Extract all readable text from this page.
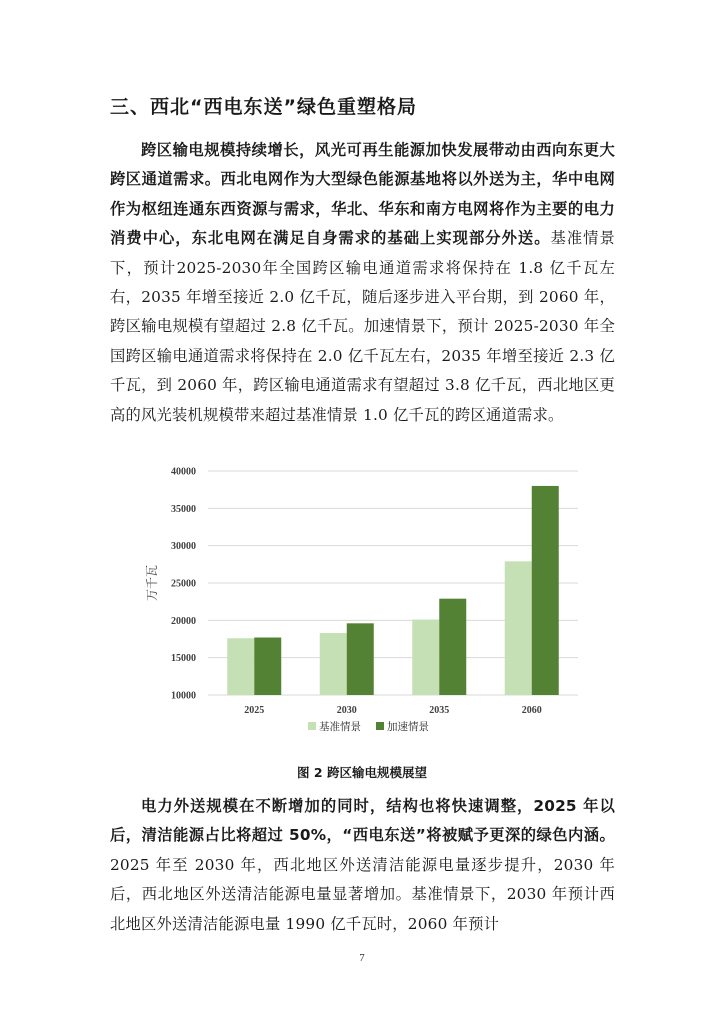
三、西北“西电东送”绿色重塑格局

跨区输电规模持续增长，风光可再生能源加快发展带动由西向东更大跨区通道需求。西北电网作为大型绿色能源基地将以外送为主，华中电网作为枢纽连通东西资源与需求，华北、华东和南方电网将作为主要的电力消费中心，东北电网在满足自身需求的基础上实现部分外送。基准情景下，预计2025-2030年全国跨区输电通道需求将保持在 1.8 亿千瓦左右，2035 年增至接近 2.0 亿千瓦，随后逐步进入平台期，到 2060 年，跨区输电规模有望超过 2.8 亿千瓦。加速情景下，预计 2025-2030 年全国跨区输电通道需求将保持在 2.0 亿千瓦左右，2035 年增至接近 2.3 亿千瓦，到 2060 年，跨区输电通道需求有望超过 3.8 亿千瓦，西北地区更高的风光装机规模带来超过基准情景 1.0 亿千瓦的跨区通道需求。

10000
15000
20000
25000
30000
35000
40000
万千瓦
2025	2030	2035	2060
基准情景 加速情景
图 2 跨区输电规模展望

电力外送规模在不断增加的同时，结构也将快速调整，2025 年以后，清洁能源占比将超过 50%，“西电东送”将被赋予更深的绿色内涵。2025 年至 2030 年，西北地区外送清洁能源电量逐步提升，2030 年后，西北地区外送清洁能源电量显著增加。基准情景下，2030 年预计西北地区外送清洁能源电量 1990 亿千瓦时，2060 年预计

7
